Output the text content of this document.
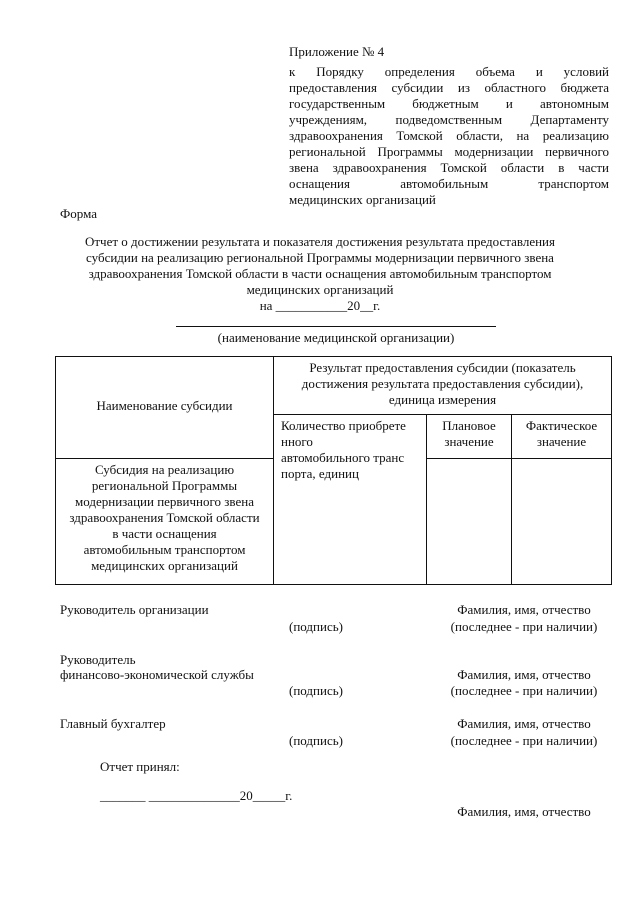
Приложение № 4
к Порядку определения объема и условий
предоставления субсидии из областного бюджета
государственным бюджетным и автономным
учреждениям, подведомственным Департаменту
здравоохранения Томской области, на реализацию
региональной Программы модернизации первичного
звена здравоохранения Томской области в части
оснащения автомобильным транспортом
медицинских организаций
Форма
Отчет о достижении результата и показателя достижения результата предоставления
субсидии на реализацию региональной Программы модернизации первичного звена
здравоохранения Томской области в части оснащения автомобильным транспортом
медицинских организаций
на ___________20__г.
(наименование медицинской организации)
Наименование субсидии
Результат предоставления субсидии (показатель
достижения результата предоставления субсидии),
единица измерения
Количество приобрете
нного
автомобильного транс
порта, единиц
Плановое
значение
Фактическое
значение
Субсидия на реализацию
региональной Программы
модернизации первичного звена
здравоохранения Томской области
в части оснащения
автомобильным транспортом
медицинских организаций
Руководитель организации
(подпись)
Фамилия, имя, отчество
(последнее - при наличии)
Руководитель
финансово-экономической службы
(подпись)
Фамилия, имя, отчество
(последнее - при наличии)
Главный бухгалтер
(подпись)
Фамилия, имя, отчество
(последнее - при наличии)
Отчет принял:
_______ ______________20_____г.
Фамилия, имя, отчество
